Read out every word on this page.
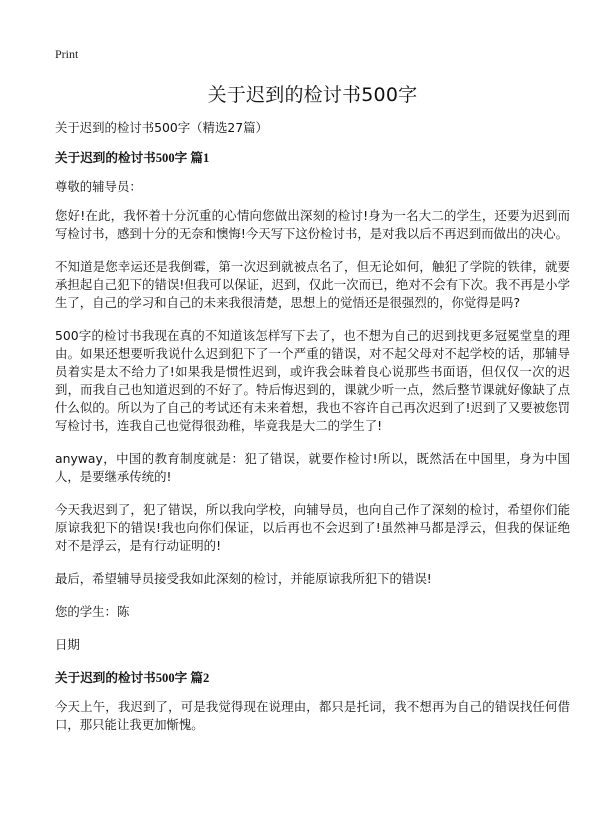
Print
关于迟到的检讨书500字

关于迟到的检讨书500字（精选27篇）

关于迟到的检讨书500字 篇1

尊敬的辅导员：

您好!在此，我怀着十分沉重的心情向您做出深刻的检讨!身为一名大二的学生，还要为迟到而写检讨书，感到十分的无奈和懊悔!今天写下这份检讨书，是对我以后不再迟到而做出的决心。

不知道是您幸运还是我倒霉，第一次迟到就被点名了，但无论如何，触犯了学院的铁律，就要承担起自己犯下的错误!但我可以保证，迟到，仅此一次而已，绝对不会有下次。我不再是小学生了，自己的学习和自己的未来我很清楚，思想上的觉悟还是很强烈的，你觉得是吗?

500字的检讨书我现在真的不知道该怎样写下去了，也不想为自己的迟到找更多冠冕堂皇的理由。如果还想要听我说什么迟到犯下了一个严重的错误，对不起父母对不起学校的话，那辅导员着实是太不给力了!如果我是惯性迟到，或许我会昧着良心说那些书面语，但仅仅一次的迟到，而我自己也知道迟到的不好了。特后悔迟到的，课就少听一点，然后整节课就好像缺了点什么似的。所以为了自己的考试还有未来着想，我也不容许自己再次迟到了!迟到了又要被您罚写检讨书，连我自己也觉得很劲稚，毕竟我是大二的学生了!

anyway，中国的教育制度就是：犯了错误，就要作检讨!所以，既然活在中国里，身为中国人，是要继承传统的!

今天我迟到了，犯了错误，所以我向学校，向辅导员，也向自己作了深刻的检讨，希望你们能原谅我犯下的错误!我也向你们保证，以后再也不会迟到了!虽然神马都是浮云，但我的保证绝对不是浮云，是有行动证明的!

最后，希望辅导员接受我如此深刻的检讨，并能原谅我所犯下的错误!

您的学生：陈

日期

关于迟到的检讨书500字 篇2

今天上午，我迟到了，可是我觉得现在说理由，都只是托词，我不想再为自己的错误找任何借口，那只能让我更加惭愧。
